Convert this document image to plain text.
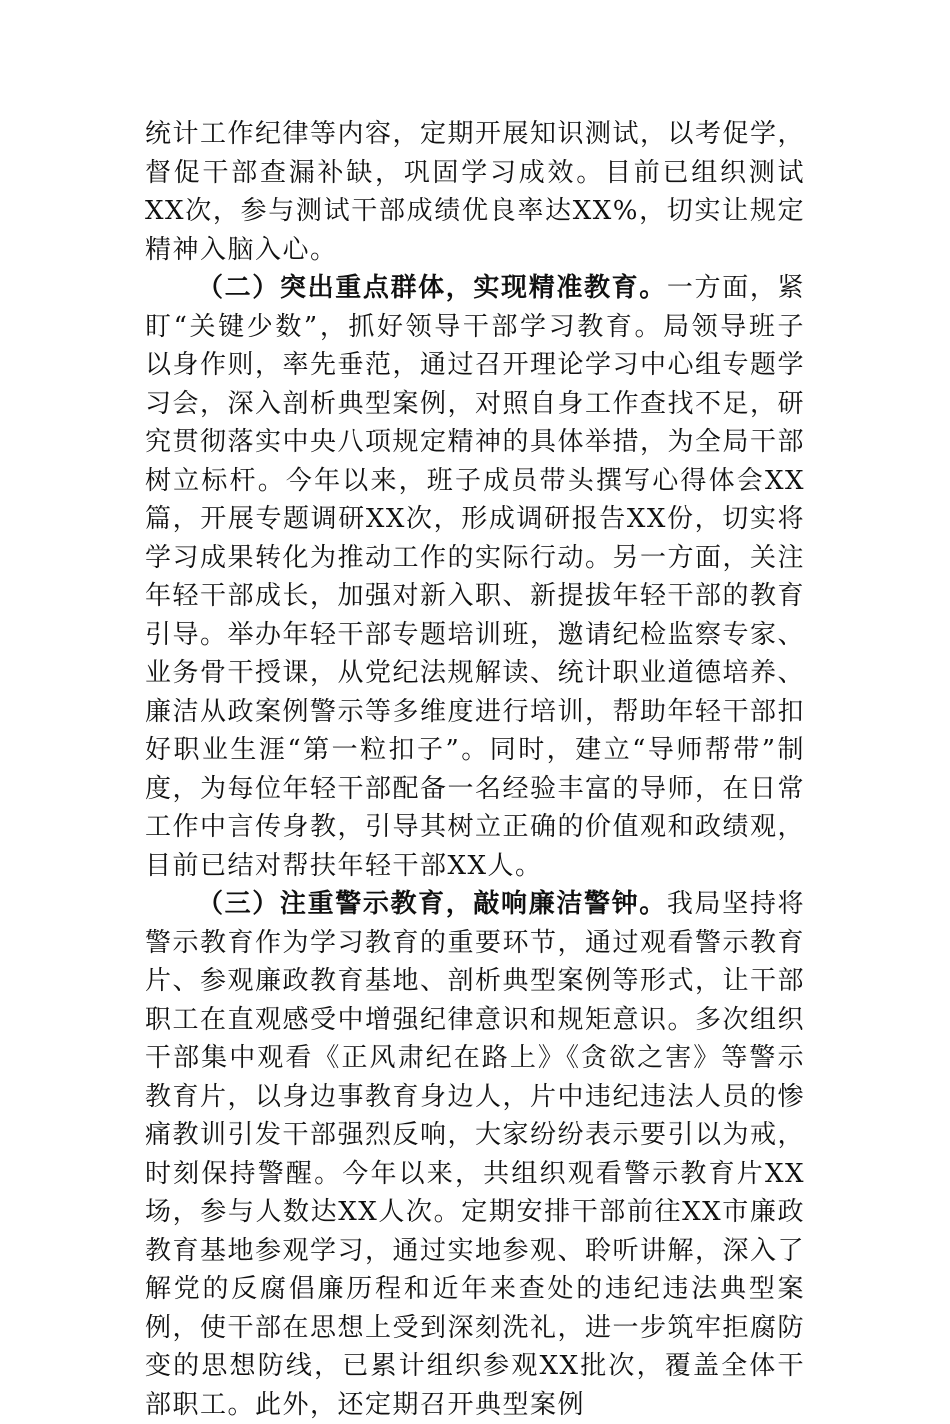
统计工作纪律等内容，定期开展知识测试，以考促学，督促干部查漏补缺，巩固学习成效。目前已组织测试XX次，参与测试干部成绩优良率达XX%，切实让规定精神入脑入心。

（二）突出重点群体，实现精准教育。一方面，紧盯“关键少数”，抓好领导干部学习教育。局领导班子以身作则，率先垂范，通过召开理论学习中心组专题学习会，深入剖析典型案例，对照自身工作查找不足，研究贯彻落实中央八项规定精神的具体举措，为全局干部树立标杆。今年以来，班子成员带头撰写心得体会XX篇，开展专题调研XX次，形成调研报告XX份，切实将学习成果转化为推动工作的实际行动。另一方面，关注年轻干部成长，加强对新入职、新提拔年轻干部的教育引导。举办年轻干部专题培训班，邀请纪检监察专家、业务骨干授课，从党纪法规解读、统计职业道德培养、廉洁从政案例警示等多维度进行培训，帮助年轻干部扣好职业生涯“第一粒扣子”。同时，建立“导师帮带”制度，为每位年轻干部配备一名经验丰富的导师，在日常工作中言传身教，引导其树立正确的价值观和政绩观，目前已结对帮扶年轻干部XX人。

（三）注重警示教育，敲响廉洁警钟。我局坚持将警示教育作为学习教育的重要环节，通过观看警示教育片、参观廉政教育基地、剖析典型案例等形式，让干部职工在直观感受中增强纪律意识和规矩意识。多次组织干部集中观看《正风肃纪在路上》《贪欲之害》等警示教育片，以身边事教育身边人，片中违纪违法人员的惨痛教训引发干部强烈反响，大家纷纷表示要引以为戒，时刻保持警醒。今年以来，共组织观看警示教育片XX场，参与人数达XX人次。定期安排干部前往XX市廉政教育基地参观学习，通过实地参观、聆听讲解，深入了解党的反腐倡廉历程和近年来查处的违纪违法典型案例，使干部在思想上受到深刻洗礼，进一步筑牢拒腐防变的思想防线，已累计组织参观XX批次，覆盖全体干部职工。此外，还定期召开典型案例
